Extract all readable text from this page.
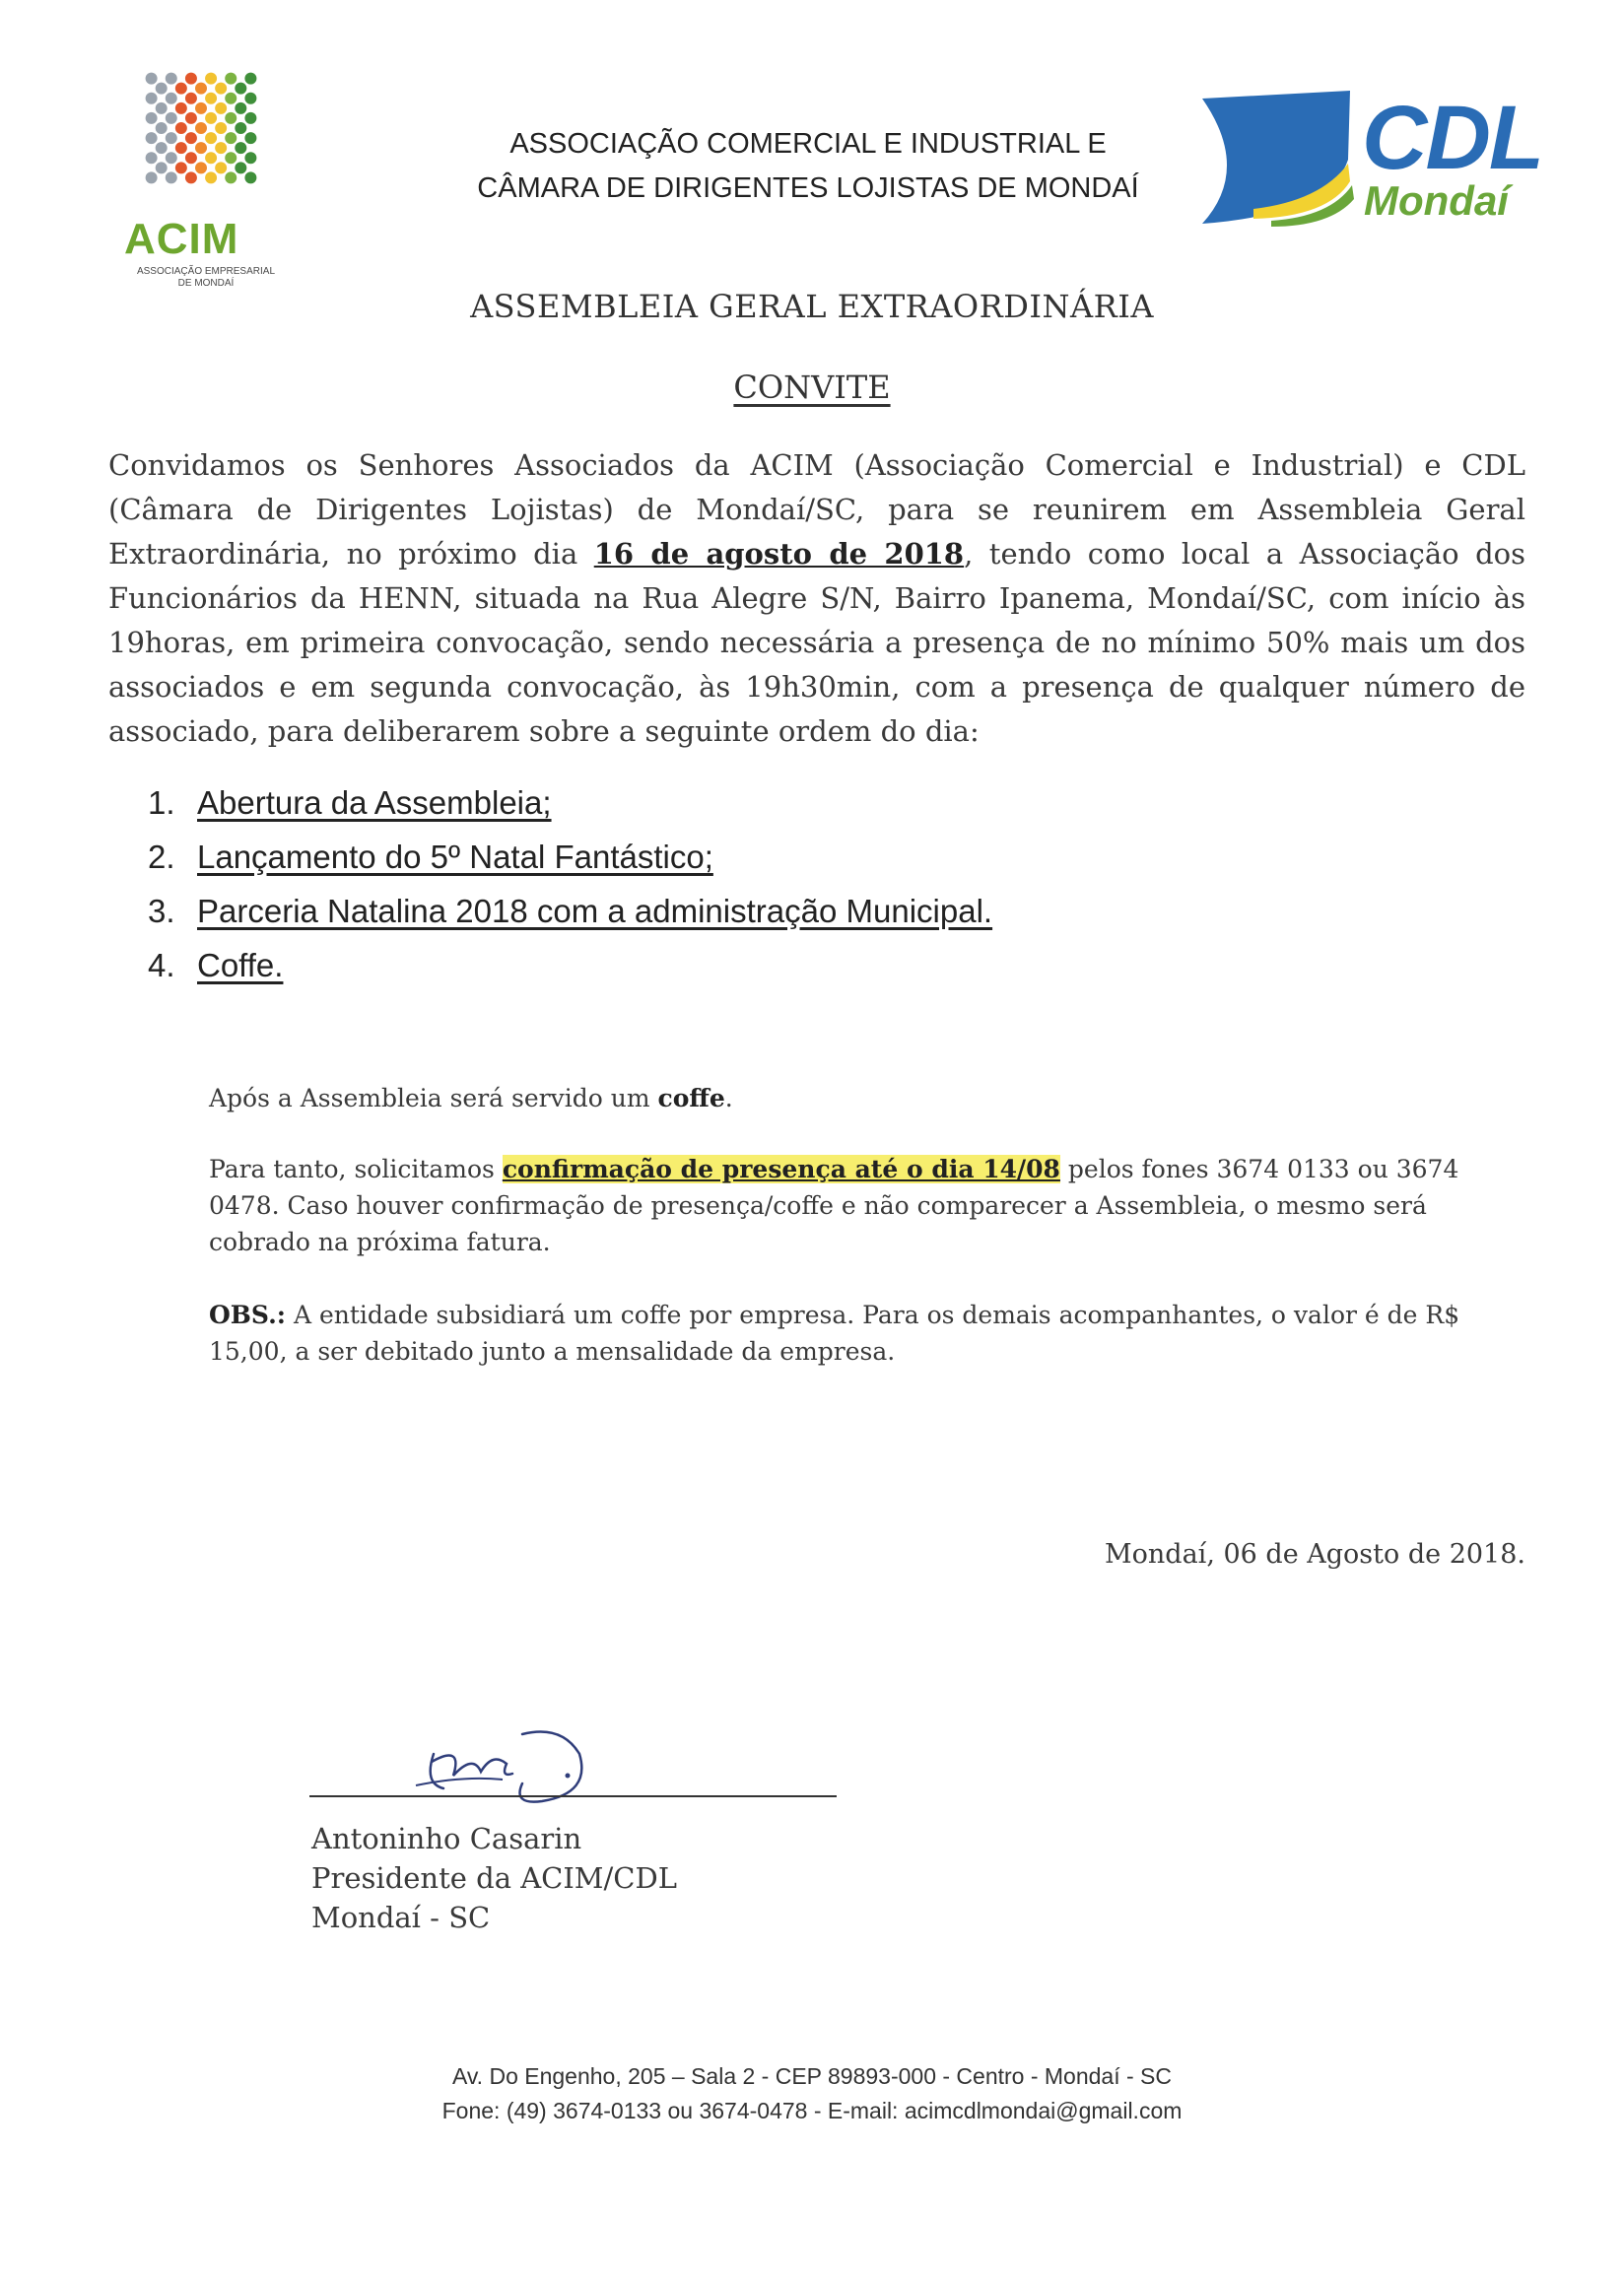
ACIM
ASSOCIAÇÃO EMPRESARIAL
DE MONDAÍ
ASSOCIAÇÃO COMERCIAL E INDUSTRIAL E
CÂMARA DE DIRIGENTES LOJISTAS DE MONDAÍ	CDL
Mondaí
ASSEMBLEIA GERAL EXTRAORDINÁRIA
CONVITE
Convidamos os Senhores Associados da ACIM (Associação Comercial e Industrial) e CDL (Câmara de Dirigentes Lojistas) de Mondaí/SC, para se reunirem em Assembleia Geral Extraordinária, no próximo dia 16 de agosto de 2018, tendo como local a Associação dos Funcionários da HENN, situada na Rua Alegre S/N, Bairro Ipanema, Mondaí/SC, com início às 19horas, em primeira convocação, sendo necessária a presença de no mínimo 50% mais um dos associados e em segunda convocação, às 19h30min, com a presença de qualquer número de associado, para deliberarem sobre a seguinte ordem do dia:
1. Abertura da Assembleia;
2. Lançamento do 5º Natal Fantástico;
3. Parceria Natalina 2018 com a administração Municipal.
4. Coffe.
Após a Assembleia será servido um coffe.
Para tanto, solicitamos confirmação de presença até o dia 14/08 pelos fones 3674 0133 ou 3674 0478. Caso houver confirmação de presença/coffe e não comparecer a Assembleia, o mesmo será cobrado na próxima fatura.
OBS.: A entidade subsidiará um coffe por empresa. Para os demais acompanhantes, o valor é de R$ 15,00, a ser debitado junto a mensalidade da empresa.
Mondaí, 06 de Agosto de 2018.
Antoninho Casarin
Presidente da ACIM/CDL
Mondaí - SC
Av. Do Engenho, 205 – Sala 2 - CEP 89893-000 - Centro - Mondaí - SC
Fone: (49) 3674-0133 ou 3674-0478 - E-mail: acimcdlmondai@gmail.com
